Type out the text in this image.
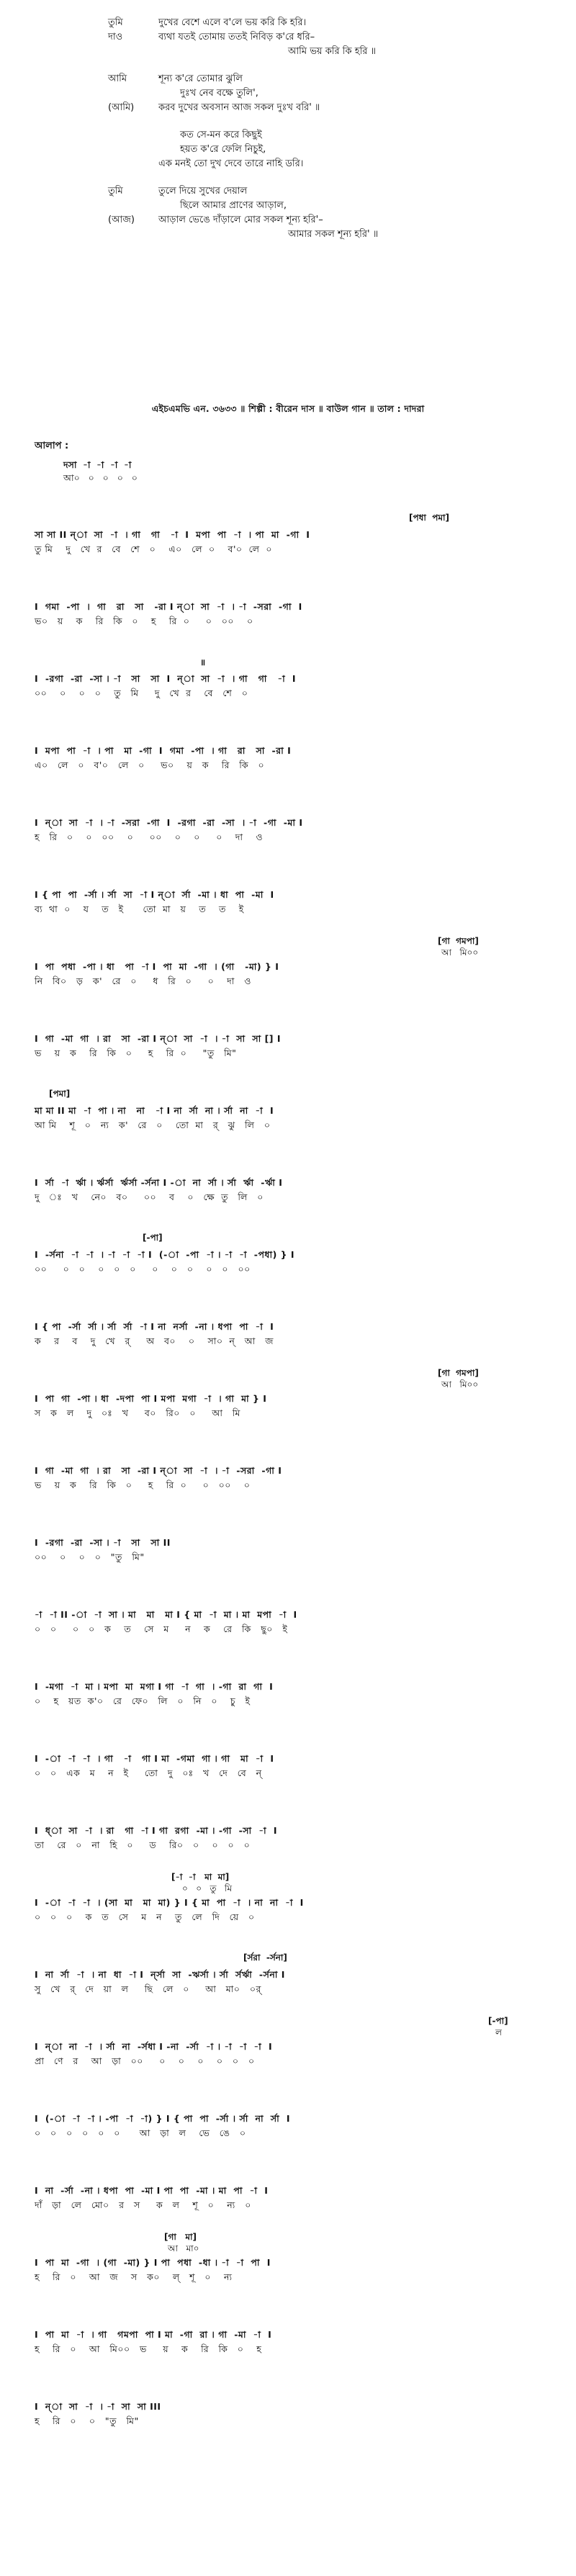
তুমি	দুখের বেশে এলে ব'লে ভয় করি কি হরি।
দাও	ব্যথা যতই তোমায় ততই নিবিড় ক'রে ধরি–
আমি ভয় করি কি হরি ॥
আমি	শূন্য ক'রে তোমার ঝুলি
দুঃখ নেব বক্ষে তুলি',
(আমি)	করব দুখের অবসান আজ সকল দুঃখ বরি' ॥
কত সে-মন করে কিছুই
হয়ত ক'রে ফেলি নিচুই,
এক মনই তো দুখ দেবে তারে নাহি ডরি।
তুমি	তুলে দিয়ে সুখের দেয়াল
ছিলে আমার প্রাণের আড়াল,
(আজ)	আড়াল ভেঙে দাঁড়ালে মোর সকল শূন্য হরি'–
আমার সকল শূন্য হরি' ॥
এইচএমভি এন. ৩৬৩৩ ॥ শিল্পী : বীরেন দাস ॥ বাউল গান ॥ তাল : দাদরা
আলাপ :
দসা  -া  -া  -া  -া
আ০   ০   ০   ০   ০
[পধা  পমা]
সা সা II ন্‌া  সা  -া  । গা   গা   -া  I  মপা  পা  -া  । পা  মা  -গা  I
তু মি    দু   খে  র   বে   শে   ০    এ০   লে  ০    ব'০  লে  ০
I  গমা  -পা  ।  গা   রা   সা   -রা I ন্‌া  সা  -া  । -া  -সরা  -গা  I
ভ০   য়    ক    রি   কি   ০    হ    রি  ০     ০   ০০    ০
॥
I  -রগা  -রা  -সা । -া   সা   সা  I  ন্‌া  সা  -া  । গা   গা   -া  I
০০    ০    ০   ০    তু   মি     দু   খে  র    বে   শে   ০
I  মপা  পা  -া  । পা   মা  -গা  I  গমা  -পা  । গা   রা   সা  -রা I
এ০   লে   ০   ব'০   লে   ০     ভ০    য়   ক    রি   কি   ০
I  ন্‌া  সা  -া  । -া  -সরা  -গা  I  -রগা  -রা  -সা  । -া  -গা  -মা I
হ   রি   ০    ০   ০০    ০     ০০    ০    ০     ০    দা    ও
I { পা  পা  -র্সা । র্সা  সা  -া I ন্‌া  র্সা  -মা । ধা  পা  -মা  I
ব্য  থা  ০    য    ত   ই      তো  মা   য়    ত    ত    ই
[গা  গমপা]
আ   মি০০
I  পা  পধা  -পা । ধা   পা  -া I  পা  মা  -গা  । (গা   -মা) } I
নি   বি০   ড়   ক'   রে   ০     ধ   রি   ০     ০    দা   ও
I  গা  -মা  গা  । রা   সা  -রা I ন্‌া  সা  -া  । -া  সা  সা [] I
ভ    য়   ক    রি   কি   ০     হ    রি  ০     "তু   মি"
[পমা]
মা মা II মা  -া  পা । না   না   -া I না  র্সা  না । র্সা  না  -া  I
আ মি    শূ   ০   ন্য   ক'   রে   ০    তো  মা   র্‌   ঝু   লি   ০
I  র্সা  -া  র্ঋা । র্ঋর্সা  র্ঋর্সা -র্সনা I -া  না  র্সা । র্সা  র্ঋা  -র্ঋা I
দু   ঃ   খ    নে০   ব০     ০০    ব    ০   ক্ষে  তু   লি   ০
[-পা]
I  -র্সনা  -া  -া  । -া  -া  -া I  (-া  -পা  -া । -া  -া  -পধা) } I
০০     ০   ০    ০   ০   ০     ০    ০   ০    ০   ০   ০০
I { পা  -র্সা  র্সা । র্সা  র্সা  -া I না  নর্সা  -না । ধপা  পা  -া  I
ক    র    ব    দু   খে   র্‌     অ   ব০    ০    সা০  ন্‌   আ   জ
[গা  গমপা]
আ   মি০০
I  পা  গা  -পা । ধা  -দপা  পা I মপা  মগা  -া  । গা  মা } I
স   ক   ল    দু   ০ঃ   খ     ব০   রি০   ০     আ   মি
I  গা  -মা  গা  । রা   সা  -রা I ন্‌া  সা  -া  । -া  -সরা  -গা I
ভ    য়   ক    রি   কি   ০     হ    রি  ০     ০   ০০    ০
I  -রগা  -রা  -সা । -া   সা   সা II
০০    ০    ০   ০   "তু   মি"
-া  -া II -া  -া  সা । মা   মা   মা I { মা  -া  মা । মা  মপা  -া  I
০   ০     ০   ০   ক    ত    সে   ম     ন    ক    রে   কি   ছু০   ই
I  -মগা  -া  মা । মপা  মা  মগা I গা  -া  গা  । -গা  রা  গা  I
০    হ   য়ত  ক'০   রে   ফে০   লি   ০   নি   ০    চু   ই
I  -া  -া  -া  । গা   -া   গা I মা  -গমা  গা । গা   মা  -া  I
০   ০   এক   ম    ন   ই     তো   দু   ০ঃ   খ   দে   বে   ন্
I  ধ্‌া  সা  -া  । রা   গা  -া I গা  রগা  -মা । -গা  -সা  -া  I
তা    রে   ০   না   হি   ০     ড    রি০   ০    ০   ০   ০
[-া  -া   মা  মা]
০   ০   তু   মি
I  -া  -া  -া  । (সা  মা   মা  মা) } I { মা  পা  -া  । না  না  -া  I
০   ০   ০    ক   ত   সে    ম   ন    তু   লে   দি   য়ে   ০
[র্সরা  -র্সনা]
I  না  র্সা  -া  । না  ধা  -া I  ন্‌র্সা  সা  -ঋর্সা । র্সা  র্সর্ঋা  -র্সনা I
সু   খে   র্‌   দে   য়া   ল     ছি   লে   ০     আ   মা০   ০র্
[-পা]
ল
I  ন্‌া  না  -া  । র্সা  না  -র্সধা I -না  -র্সা  -া । -া  -া  -া  I
প্রা   ণে   র    আ   ড়া   ০০     ০    ০    ০    ০   ০   ০
I  (-া  -া  -া । -পা  -া  -া) } I { পা  পা  -র্সা । র্সা  না  র্সা  I
০   ০   ০   ০   ০   ০      আ   ড়া   ল    ভে   ঙে   ০
I  না  -র্সা  -না । ধপা  পা  -মা I পা  পা  -মা । মা  পা  -া  I
দাঁ   ড়া   লে   মো০   র   স     ক   ল    শূ   ০    ন্য   ০
[গা   মা]
আ   মা০
I  পা  মা  -গা  । (গা  -মা) } I পা  পধা  -ধা । -া  -া  পা  I
হ    রি   ০    আ   জ    স   ক০    ল্   শূ   ০    ন্য
I  পা  মা  -া  । গা   গমপা  পা I মা  -গা  রা । গা  -মা  -া  I
হ    রি   ০    আ   মি০০   ভ     য়    ক    রি   কি   ০    হ
I  ন্‌া  সা  -া  । -া  সা  সা III
হ    রি   ০    ০   "তু   মি"
